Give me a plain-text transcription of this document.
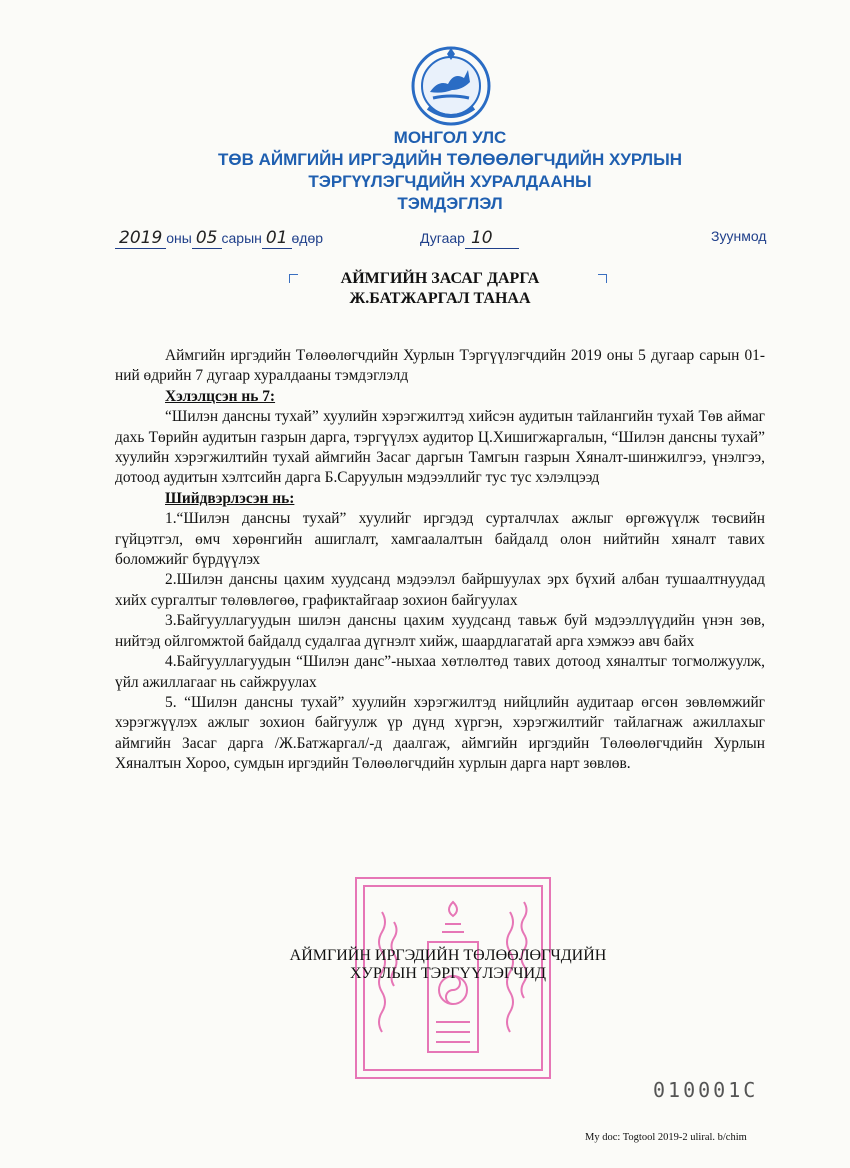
МОНГОЛ УЛС
ТӨВ АЙМГИЙН ИРГЭДИЙН ТӨЛӨӨЛӨГЧДИЙН ХУРЛЫН
ТЭРГҮҮЛЭГЧДИЙН ХУРАЛДААНЫ
ТЭМДЭГЛЭЛ
2019 оны 05 сарын 01 өдөр	Дугаар 10	Зуунмод
АЙМГИЙН ЗАСАГ ДАРГА
Ж.БАТЖАРГАЛ ТАНАА

Аймгийн иргэдийн Төлөөлөгчдийн Хурлын Тэргүүлэгчдийн 2019 оны 5 дугаар сарын 01-ний өдрийн 7 дугаар хуралдааны тэмдэглэлд

Хэлэлцсэн нь 7:

“Шилэн дансны тухай” хуулийн хэрэгжилтэд хийсэн аудитын тайлангийн тухай Төв аймаг дахь Төрийн аудитын газрын дарга, тэргүүлэх аудитор Ц.Хишигжаргалын, “Шилэн дансны тухай” хуулийн хэрэгжилтийн тухай аймгийн Засаг даргын Тамгын газрын Хяналт-шинжилгээ, үнэлгээ, дотоод аудитын хэлтсийн дарга Б.Саруулын мэдээллийг тус тус хэлэлцээд

Шийдвэрлэсэн нь:

1.“Шилэн дансны тухай” хуулийг иргэдэд сурталчлах ажлыг өргөжүүлж төсвийн гүйцэтгэл, өмч хөрөнгийн ашиглалт, хамгаалалтын байдалд олон нийтийн хяналт тавих боломжийг бүрдүүлэх

2.Шилэн дансны цахим хуудсанд мэдээлэл байршуулах эрх бүхий албан тушаалтнуудад хийх сургалтыг төлөвлөгөө, графиктайгаар зохион байгуулах

3.Байгууллагуудын шилэн дансны цахим хуудсанд тавьж буй мэдээллүүдийн үнэн зөв, нийтэд ойлгомжтой байдалд судалгаа дүгнэлт хийж, шаардлагатай арга хэмжээ авч байх

4.Байгууллагуудын “Шилэн данс”-ныхаа хөтлөлтөд тавих дотоод хяналтыг тогмолжуулж, үйл ажиллагааг нь сайжруулах

5. “Шилэн дансны тухай” хуулийн хэрэгжилтэд нийцлийн аудитаар өгсөн зөвлөмжийг хэрэгжүүлэх ажлыг зохион байгуулж үр дүнд хүргэн, хэрэгжилтийг тайлагнаж ажиллахыг аймгийн Засаг дарга /Ж.Батжаргал/-д даалгаж, аймгийн иргэдийн Төлөөлөгчдийн Хурлын Хяналтын Хороо, сумдын иргэдийн Төлөөлөгчдийн хурлын дарга нарт зөвлөв.

АЙМГИЙН ИРГЭДИЙН ТӨЛӨӨЛӨГЧДИЙН
ХУРЛЫН ТЭРГҮҮЛЭГЧИД
010001C
My doc: Togtool 2019-2 uliral. b/chim
